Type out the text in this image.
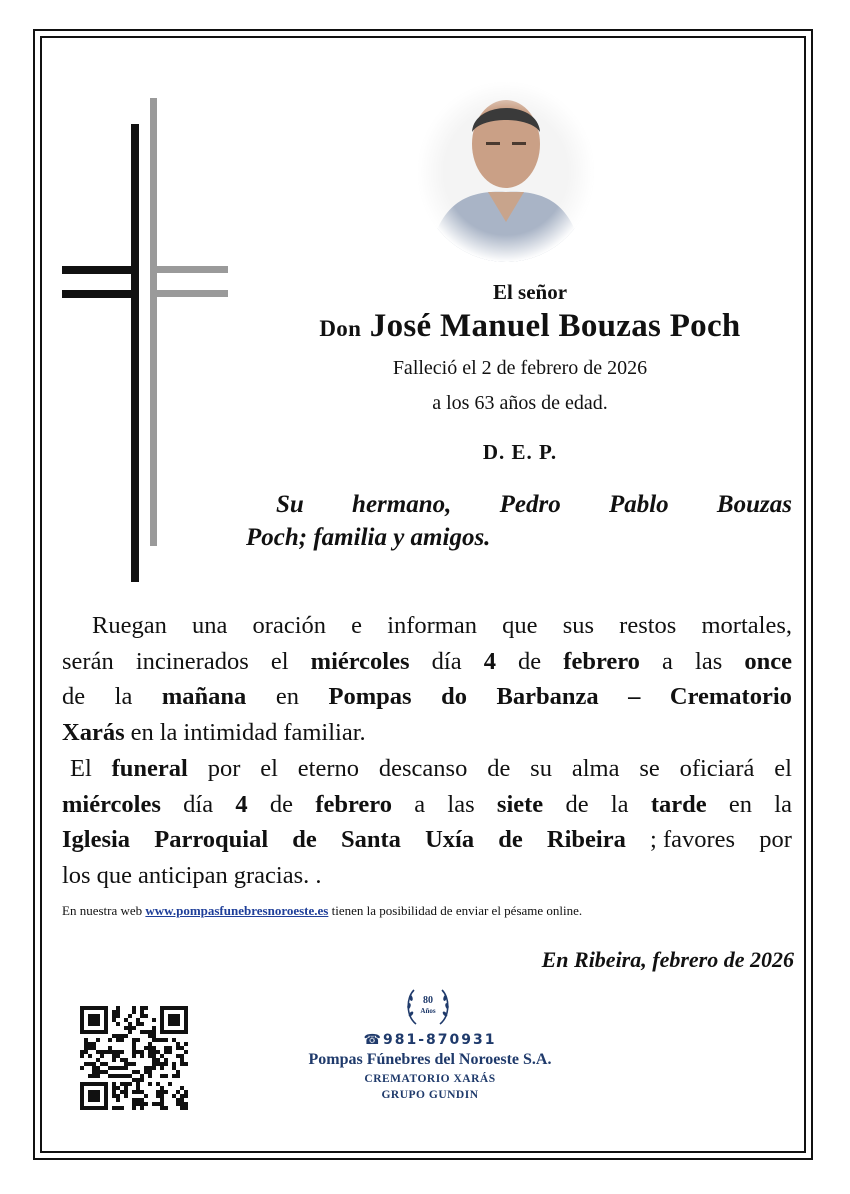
El señor
Don José Manuel Bouzas Poch
Falleció el 2 de febrero de 2026
a los 63 años de edad.
D. E. P.
Su hermano, Pedro Pablo Bouzas
Poch; familia y amigos.
Ruegan una oración e informan que sus restos mortales,
serán incinerados el miércoles día 4 de febrero a las once
de la mañana en Pompas do Barbanza – Crematorio
Xarás en la intimidad familiar.
El funeral por el eterno descanso de su alma se oficiará el
miércoles día 4 de febrero a las siete de la tarde en la
Iglesia Parroquial de Santa Uxía de Ribeira ; favores por
los que anticipan gracias. .
En nuestra web www.pompasfunebresnoroeste.es tienen la posibilidad de enviar el pésame online.
En Ribeira, febrero de 2026
80
Años
☎981-870931
Pompas Fúnebres del Noroeste S.A.
CREMATORIO XARÁS
GRUPO GUNDIN
